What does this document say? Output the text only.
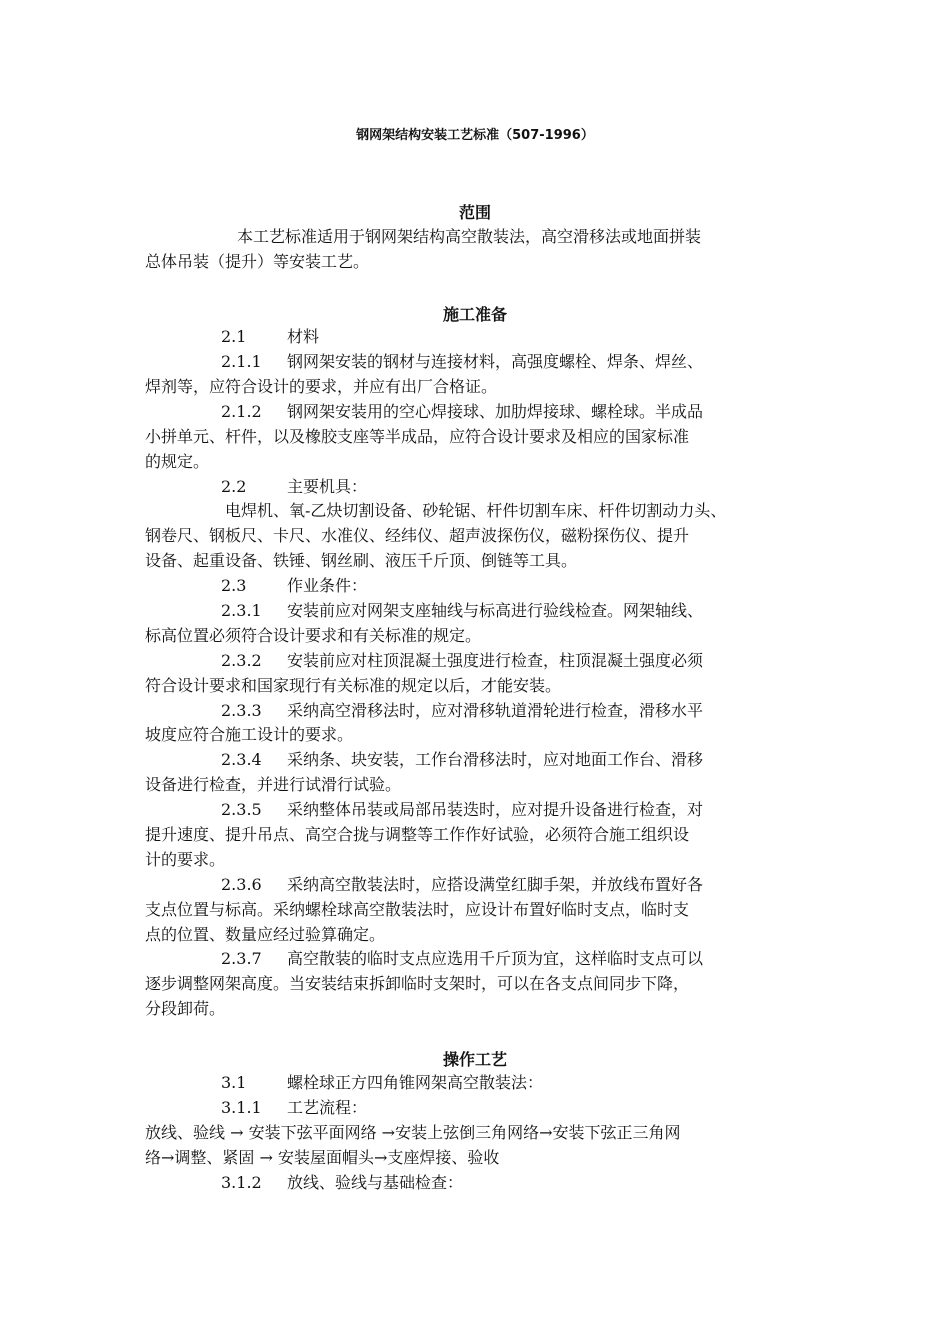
钢网架结构安装工艺标准（507-1996）
范围
本工艺标准适用于钢网架结构高空散装法，高空滑移法或地面拼装
总体吊装（提升）等安装工艺。
施工准备
2.1	材料
2.1.1 钢网架安装的钢材与连接材料，高强度螺栓、焊条、焊丝、
焊剂等，应符合设计的要求，并应有出厂合格证。
2.1.2 钢网架安装用的空心焊接球、加肋焊接球、螺栓球。半成品
小拼单元、杆件，以及橡胶支座等半成品，应符合设计要求及相应的国家标准
的规定。
2.2	主要机具：
电焊机、氧-乙炔切割设备、砂轮锯、杆件切割车床、杆件切割动力头、
钢卷尺、钢板尺、卡尺、水准仪、经纬仪、超声波探伤仪，磁粉探伤仪、提升
设备、起重设备、铁锤、钢丝刷、液压千斤顶、倒链等工具。
2.3	作业条件：
2.3.1 安装前应对网架支座轴线与标高进行验线检查。网架轴线、
标高位置必须符合设计要求和有关标准的规定。
2.3.2 安装前应对柱顶混凝土强度进行检查，柱顶混凝土强度必须
符合设计要求和国家现行有关标准的规定以后，才能安装。
2.3.3 采纳高空滑移法时，应对滑移轨道滑轮进行检查，滑移水平
坡度应符合施工设计的要求。
2.3.4 采纳条、块安装，工作台滑移法时，应对地面工作台、滑移
设备进行检查，并进行试滑行试验。
2.3.5 采纳整体吊装或局部吊装迭时，应对提升设备进行检查，对
提升速度、提升吊点、高空合拢与调整等工作作好试验，必须符合施工组织设
计的要求。
2.3.6 采纳高空散装法时，应搭设满堂红脚手架，并放线布置好各
支点位置与标高。采纳螺栓球高空散装法时，应设计布置好临时支点，临时支
点的位置、数量应经过验算确定。
2.3.7 高空散装的临时支点应选用千斤顶为宜，这样临时支点可以
逐步调整网架高度。当安装结束拆卸临时支架时，可以在各支点间同步下降，
分段卸荷。
操作工艺
3.1	螺栓球正方四角锥网架高空散装法：
3.1.1 工艺流程：
放线、验线 → 安装下弦平面网络 →安装上弦倒三角网络→安装下弦正三角网
络→调整、紧固 → 安装屋面帽头→支座焊接、验收
3.1.2 放线、验线与基础检查：
